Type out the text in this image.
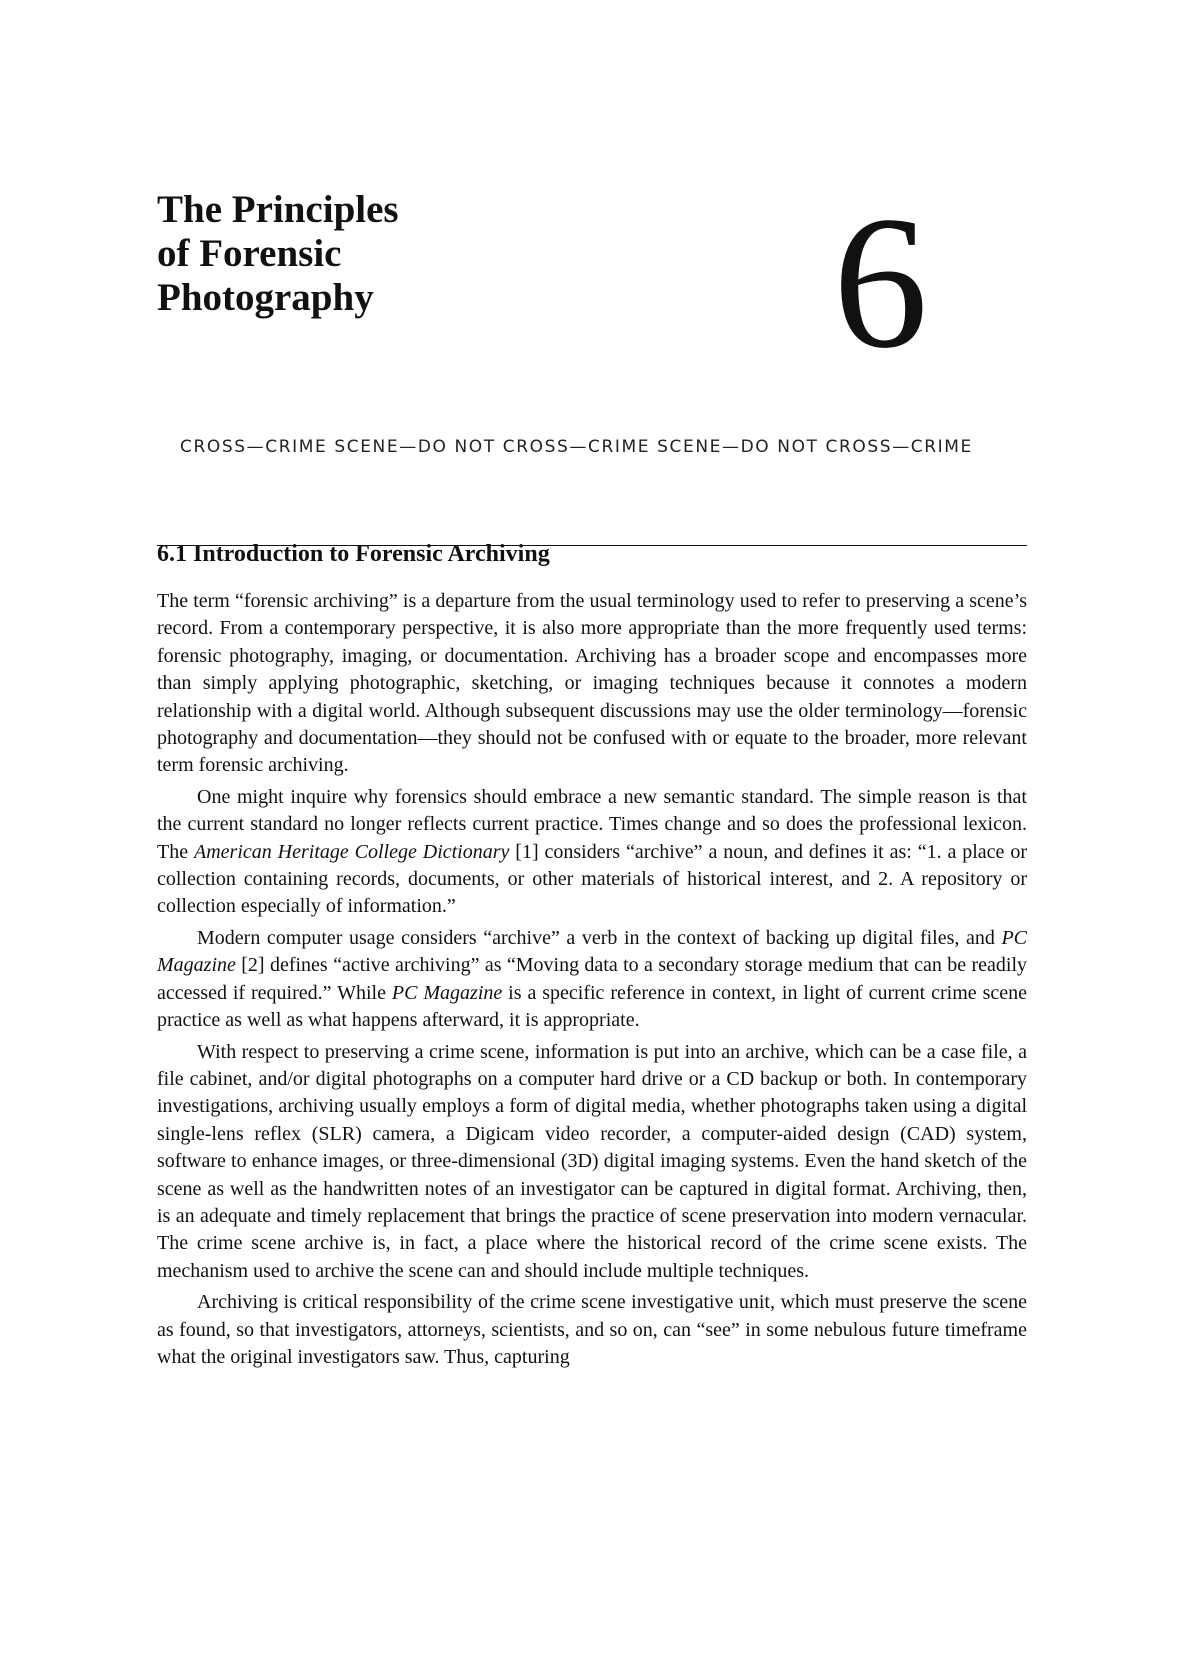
The Principles
of Forensic
Photography 6
CROSS—CRIME SCENE—DO NOT CROSS—CRIME SCENE—DO NOT CROSS—CRIME
6.1 Introduction to Forensic Archiving

The term “forensic archiving” is a departure from the usual terminology used to refer to preserving a scene’s record. From a contemporary perspective, it is also more appropriate than the more frequently used terms: forensic photography, imaging, or documentation. Archiving has a broader scope and encompasses more than simply applying photographic, sketching, or imaging techniques because it connotes a modern relationship with a digital world. Although subsequent discussions may use the older terminology—forensic photography and documentation—they should not be confused with or equate to the broader, more relevant term forensic archiving.

One might inquire why forensics should embrace a new semantic standard. The simple reason is that the current standard no longer reflects current practice. Times change and so does the professional lexicon. The American Heritage College Dictionary [1] considers “archive” a noun, and defines it as: “1. a place or collection containing records, documents, or other materials of historical interest, and 2. A repository or collection especially of information.”

Modern computer usage considers “archive” a verb in the context of backing up digital files, and PC Magazine [2] defines “active archiving” as “Moving data to a secondary storage medium that can be readily accessed if required.” While PC Magazine is a specific reference in context, in light of current crime scene practice as well as what happens afterward, it is appropriate.

With respect to preserving a crime scene, information is put into an archive, which can be a case file, a file cabinet, and/or digital photographs on a computer hard drive or a CD backup or both. In contemporary investigations, archiving usually employs a form of digital media, whether photographs taken using a digital single-lens reflex (SLR) camera, a Digicam video recorder, a computer-aided design (CAD) system, software to enhance images, or three-dimensional (3D) digital imaging systems. Even the hand sketch of the scene as well as the handwritten notes of an investigator can be captured in digital format. Archiving, then, is an adequate and timely replacement that brings the practice of scene preservation into modern vernacular. The crime scene archive is, in fact, a place where the historical record of the crime scene exists. The mechanism used to archive the scene can and should include multiple techniques.

Archiving is critical responsibility of the crime scene investigative unit, which must preserve the scene as found, so that investigators, attorneys, scientists, and so on, can “see” in some nebulous future timeframe what the original investigators saw. Thus, capturing
